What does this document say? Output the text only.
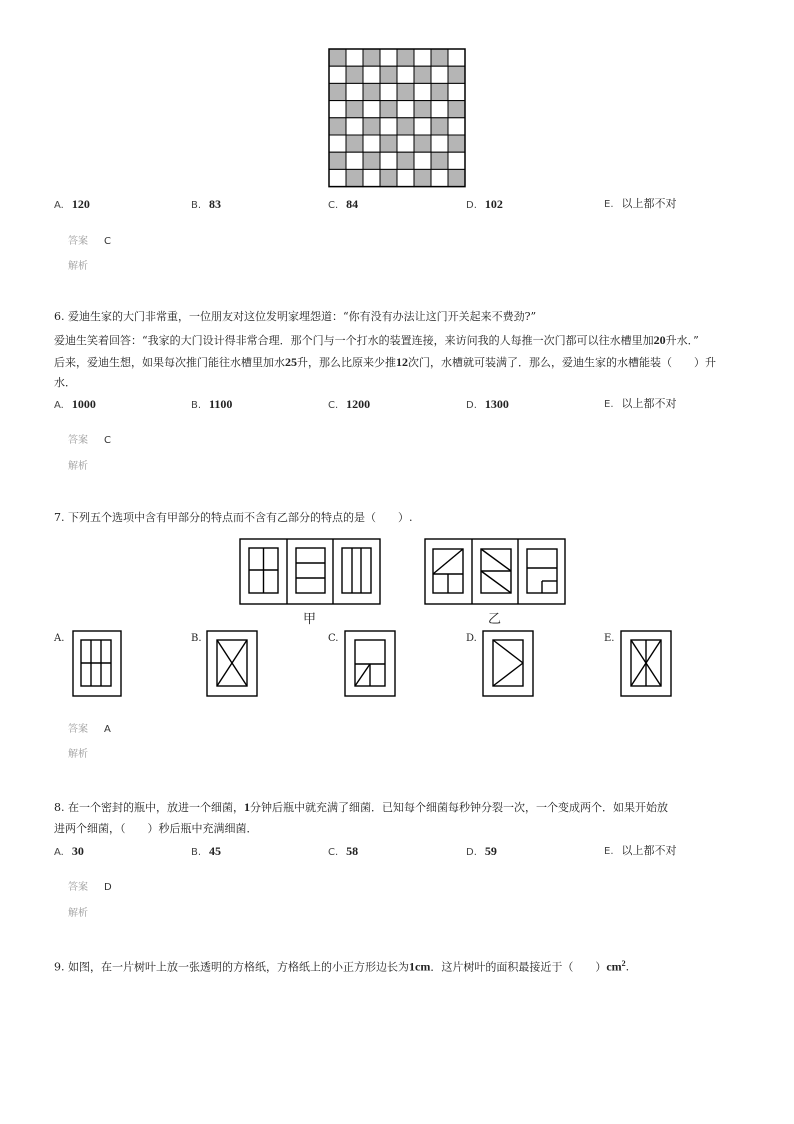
A. 120	B. 83	C. 84	D. 102	E. 以上都不对
答案 C
解析
6. 爱迪生家的大门非常重，一位朋友对这位发明家埋怨道：“你有没有办法让这门开关起来不费劲?”
爱迪生笑着回答：“我家的大门设计得非常合理．那个门与一个打水的装置连接，来访问我的人每推一次门都可以往水槽里加20升水．”
后来，爱迪生想，如果每次推门能往水槽里加水25升，那么比原来少推12次门，水槽就可装满了．那么，爱迪生家的水槽能装（　　）升
水．
A. 1000	B. 1100	C. 1200	D. 1300	E. 以上都不对
答案 C
解析
7. 下列五个选项中含有甲部分的特点而不含有乙部分的特点的是（　　）.
甲	乙
A.	B.	C.	D.	E.
答案 A
解析
8. 在一个密封的瓶中，放进一个细菌，1分钟后瓶中就充满了细菌．已知每个细菌每秒钟分裂一次，一个变成两个．如果开始放
进两个细菌，（　　）秒后瓶中充满细菌．
A. 30	B. 45	C. 58	D. 59	E. 以上都不对
答案 D
解析
9. 如图，在一片树叶上放一张透明的方格纸，方格纸上的小正方形边长为1cm．这片树叶的面积最接近于（　　）$cm^2$.
